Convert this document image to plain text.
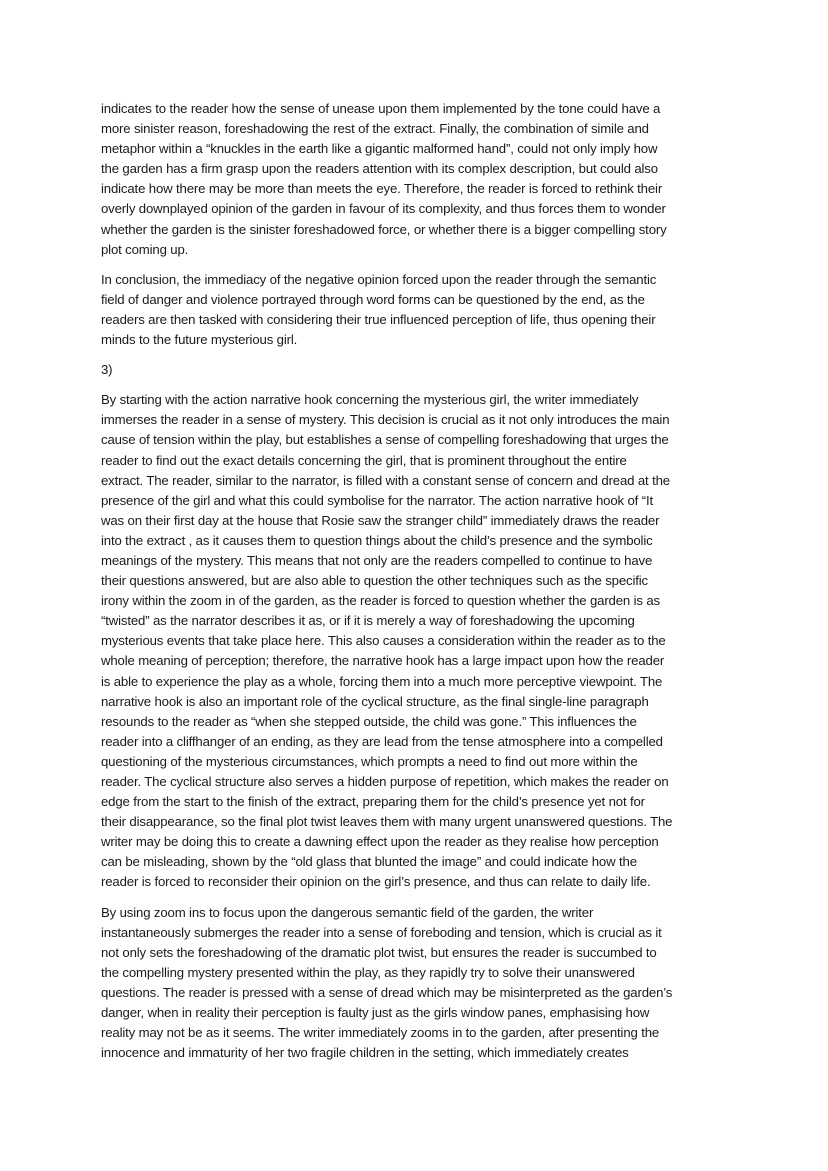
indicates to the reader how the sense of unease upon them implemented by the tone could have a
more sinister reason, foreshadowing the rest of the extract. Finally, the combination of simile and
metaphor within a “knuckles in the earth like a gigantic malformed hand”, could not only imply how
the garden has a firm grasp upon the readers attention with its complex description, but could also
indicate how there may be more than meets the eye. Therefore, the reader is forced to rethink their
overly downplayed opinion of the garden in favour of its complexity, and thus forces them to wonder
whether the garden is the sinister foreshadowed force, or whether there is a bigger compelling story
plot coming up.
In conclusion, the immediacy of the negative opinion forced upon the reader through the semantic
field of danger and violence portrayed through word forms can be questioned by the end, as the
readers are then tasked with considering their true influenced perception of life, thus opening their
minds to the future mysterious girl.
3)
By starting with the action narrative hook concerning the mysterious girl, the writer immediately
immerses the reader in a sense of mystery. This decision is crucial as it not only introduces the main
cause of tension within the play, but establishes a sense of compelling foreshadowing that urges the
reader to find out the exact details concerning the girl, that is prominent throughout the entire
extract. The reader, similar to the narrator, is filled with a constant sense of concern and dread at the
presence of the girl and what this could symbolise for the narrator. The action narrative hook of “It
was on their first day at the house that Rosie saw the stranger child” immediately draws the reader
into the extract , as it causes them to question things about the child’s presence and the symbolic
meanings of the mystery. This means that not only are the readers compelled to continue to have
their questions answered, but are also able to question the other techniques such as the specific
irony within the zoom in of the garden, as the reader is forced to question whether the garden is as
“twisted” as the narrator describes it as, or if it is merely a way of foreshadowing the upcoming
mysterious events that take place here. This also causes a consideration within the reader as to the
whole meaning of perception; therefore, the narrative hook has a large impact upon how the reader
is able to experience the play as a whole, forcing them into a much more perceptive viewpoint. The
narrative hook is also an important role of the cyclical structure, as the final single-line paragraph
resounds to the reader as “when she stepped outside, the child was gone.” This influences the
reader into a cliffhanger of an ending, as they are lead from the tense atmosphere into a compelled
questioning of the mysterious circumstances, which prompts a need to find out more within the
reader. The cyclical structure also serves a hidden purpose of repetition, which makes the reader on
edge from the start to the finish of the extract, preparing them for the child’s presence yet not for
their disappearance, so the final plot twist leaves them with many urgent unanswered questions. The
writer may be doing this to create a dawning effect upon the reader as they realise how perception
can be misleading, shown by the “old glass that blunted the image” and could indicate how the
reader is forced to reconsider their opinion on the girl’s presence, and thus can relate to daily life.
By using zoom ins to focus upon the dangerous semantic field of the garden, the writer
instantaneously submerges the reader into a sense of foreboding and tension, which is crucial as it
not only sets the foreshadowing of the dramatic plot twist, but ensures the reader is succumbed to
the compelling mystery presented within the play, as they rapidly try to solve their unanswered
questions. The reader is pressed with a sense of dread which may be misinterpreted as the garden’s
danger, when in reality their perception is faulty just as the girls window panes, emphasising how
reality may not be as it seems. The writer immediately zooms in to the garden, after presenting the
innocence and immaturity of her two fragile children in the setting, which immediately creates
